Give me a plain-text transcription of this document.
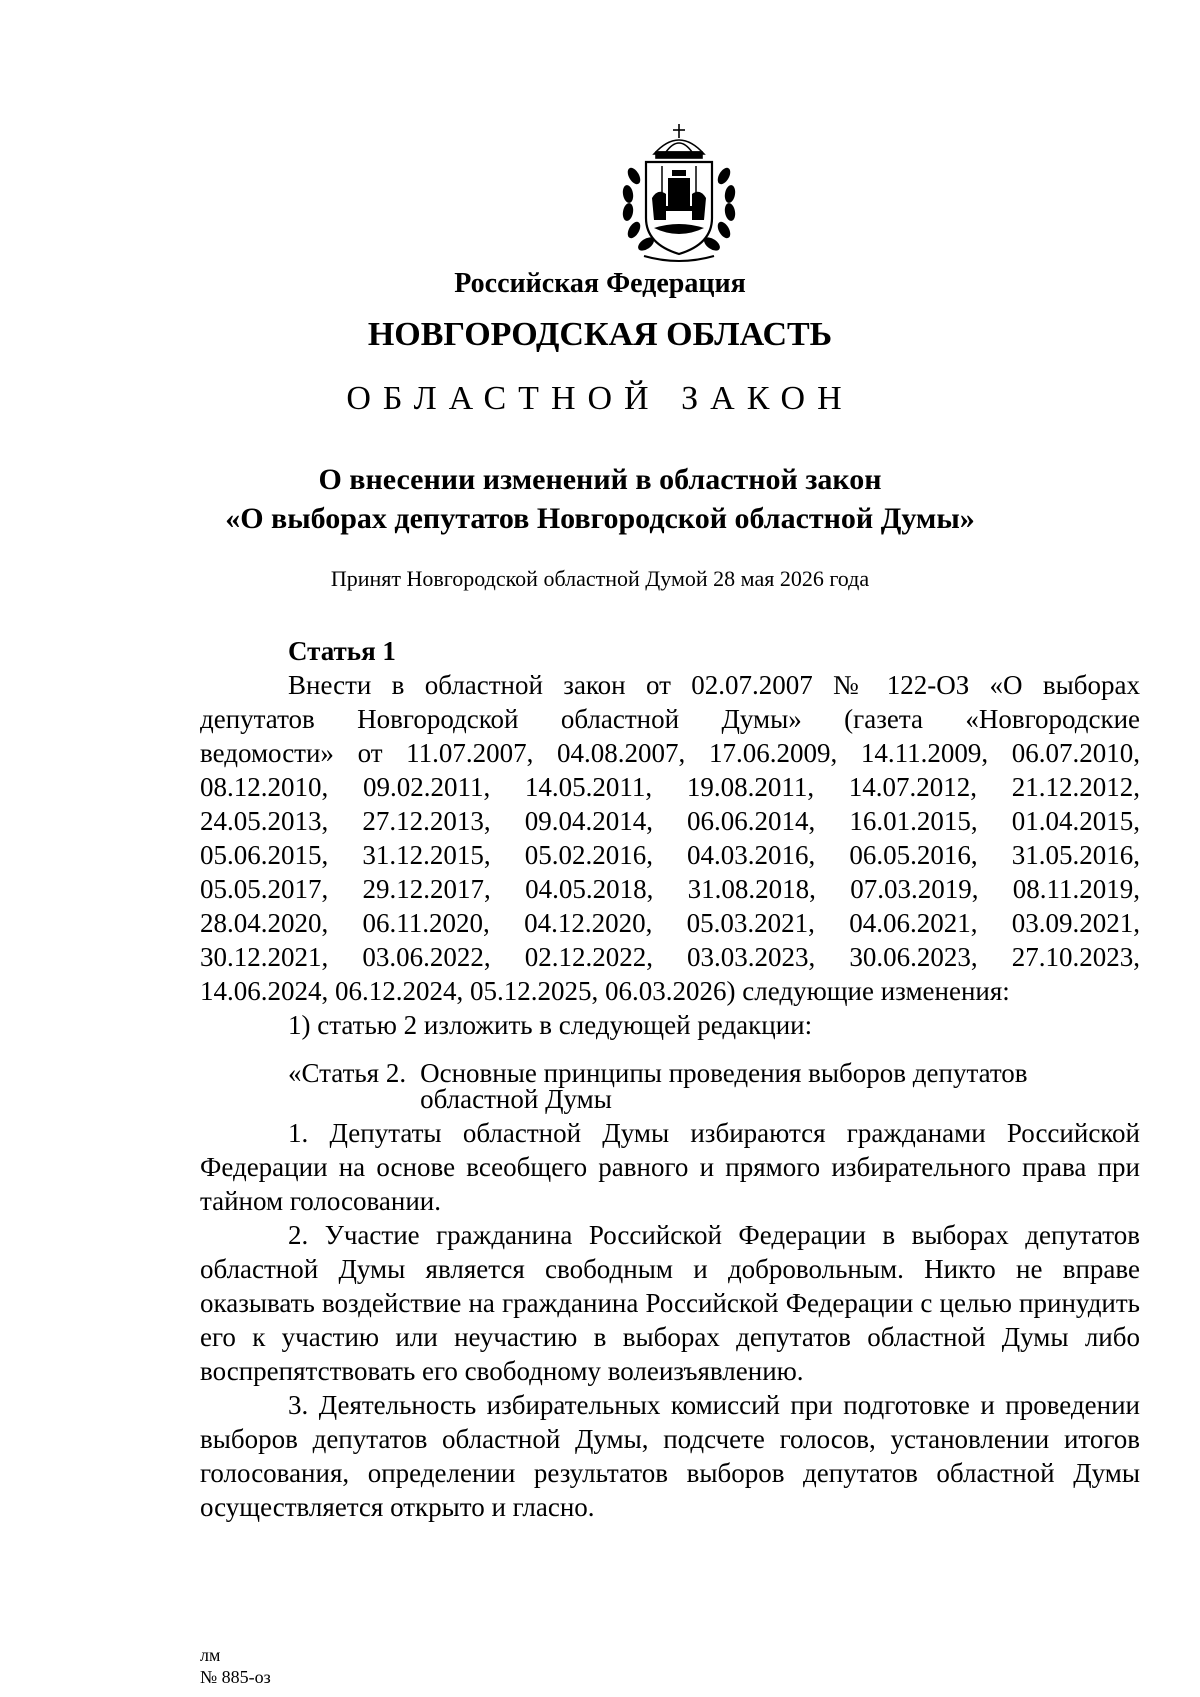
Российская Федерация
НОВГОРОДСКАЯ ОБЛАСТЬ
ОБЛАСТНОЙ ЗАКОН
О внесении изменений в областной закон
«О выборах депутатов Новгородской областной Думы»
Принят Новгородской областной Думой 28 мая 2026 года

Статья 1

Внести в областной закон от 02.07.2007 № 122-ОЗ «О выборах

депутатов Новгородской областной Думы» (газета «Новгородские

ведомости» от 11.07.2007, 04.08.2007, 17.06.2009, 14.11.2009, 06.07.2010,

08.12.2010, 09.02.2011, 14.05.2011, 19.08.2011, 14.07.2012, 21.12.2012,

24.05.2013, 27.12.2013, 09.04.2014, 06.06.2014, 16.01.2015, 01.04.2015,

05.06.2015, 31.12.2015, 05.02.2016, 04.03.2016, 06.05.2016, 31.05.2016,

05.05.2017, 29.12.2017, 04.05.2018, 31.08.2018, 07.03.2019, 08.11.2019,

28.04.2020, 06.11.2020, 04.12.2020, 05.03.2021, 04.06.2021, 03.09.2021,

30.12.2021, 03.06.2022, 02.12.2022, 03.03.2023, 30.06.2023, 27.10.2023,

14.06.2024, 06.12.2024, 05.12.2025, 06.03.2026) следующие изменения:

1) статью 2 изложить в следующей редакции:

«Статья 2. Основные принципы проведения выборов депутатов областной Думы

1. Депутаты областной Думы избираются гражданами Российской Федерации на основе всеобщего равного и прямого избирательного права при тайном голосовании.

2. Участие гражданина Российской Федерации в выборах депутатов областной Думы является свободным и добровольным. Никто не вправе оказывать воздействие на гражданина Российской Федерации с целью принудить его к участию или неучастию в выборах депутатов областной Думы либо воспрепятствовать его свободному волеизъявлению.

3. Деятельность избирательных комиссий при подготовке и проведении выборов депутатов областной Думы, подсчете голосов, установлении итогов голосования, определении результатов выборов депутатов областной Думы осуществляется открыто и гласно.

лм
№ 885-оз
